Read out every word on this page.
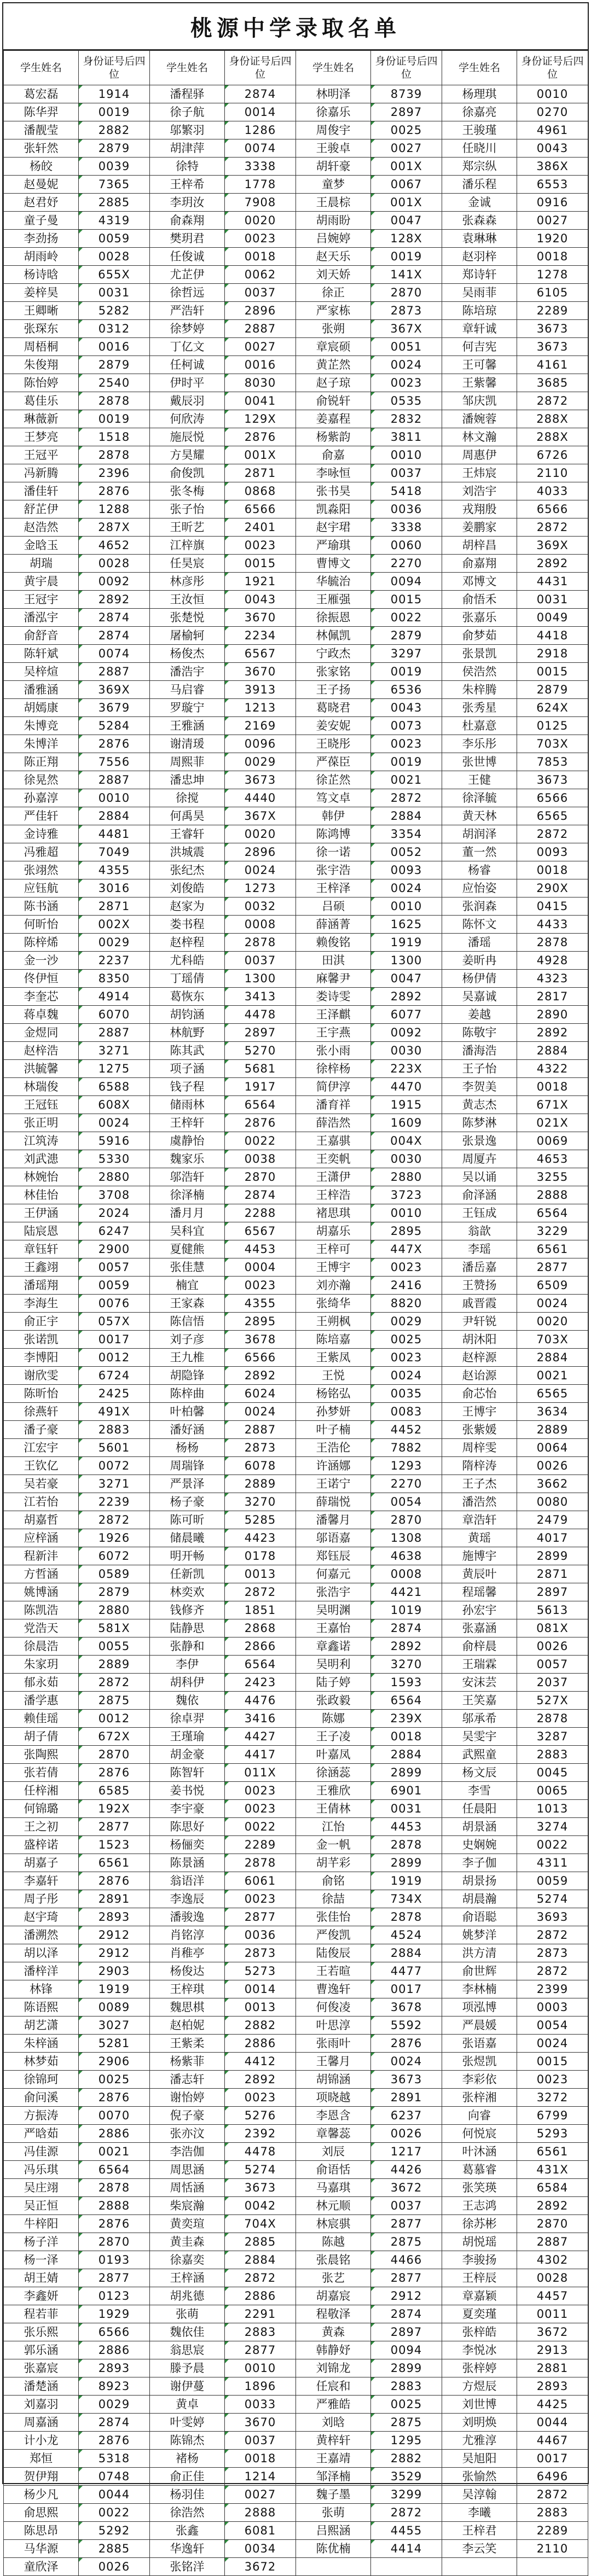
桃源中学录取名单
学生姓名	身份证号后四位	学生姓名	身份证号后四位	学生姓名	身份证号后四位	学生姓名	身份证号后四位
葛宏磊	1914	潘程驿	2874	林明泽	8739	杨理琪	0010
陈华羿	0019	徐子航	0014	徐嘉乐	2897	徐嘉亮	0270
潘靓莹	2882	邬繁羽	1286	周俊宇	0025	王骏瑾	4961
张轩然	2879	胡津萍	0074	王骏卓	0027	任晓川	0043
杨皎	0039	徐特	3338	胡轩豪	001X	郑宗纵	386X
赵曼妮	7365	王梓希	1778	童梦	0067	潘乐程	6553
赵君妤	2885	李玥汝	7908	王晨棕	001X	金诚	0916
童子曼	4319	俞森翔	0020	胡雨盼	0047	张森森	0027
李劲扬	0059	樊玥君	0023	吕婉婷	128X	袁琳琳	1920
胡雨岭	0028	任俊诚	0018	赵天乐	0019	赵羽梓	0018
杨诗晗	655X	尤芷伊	0062	刘天娇	141X	郑诗轩	1278
姜梓昊	0031	徐哲远	0037	徐正	2870	吴雨菲	6105
王卿晰	5282	严浩轩	2896	严家栋	2873	陈培琼	2289
张琛东	0312	徐梦婷	2887	张朔	367X	章轩诚	3673
周梧桐	0016	丁亿文	0027	章宸硕	0051	何吉宪	3673
朱俊翔	2879	任柯诚	0016	黄芷然	0024	王可馨	4161
陈怡婷	2540	伊时平	8030	赵子琼	0023	王紫馨	3685
葛佳乐	2878	戴辰羽	0041	俞锐轩	0535	邹庆凯	2872
琳薇新	0019	何欣涛	129X	姜嘉程	2832	潘婉蓉	288X
王梦亮	1518	施辰悦	2876	杨紫韵	3811	林文瀚	288X
王冠平	2878	方昊耀	001X	俞嘉	0010	周惠伊	6726
冯新腾	2396	俞俊凯	2871	李咏恒	0037	王炜宸	2110
潘佳轩	2876	张冬梅	0868	张书昊	5418	刘浩宇	4033
舒芷伊	1288	张子怡	6566	凯淼阳	0036	戎翔殷	6566
赵浩然	287X	王昕艺	2401	赵宇珺	3338	姜鹏家	2872
金晗玉	4652	江梓旗	0023	严瑜琪	0060	胡梓昌	369X
胡瑞	0028	任昊宸	0015	曹博文	2270	俞嘉翔	2892
黄宇晨	0092	林彦彤	1921	华毓治	0094	邓博文	4431
王冠宇	2892	王汝恒	0043	王雁强	0015	俞悟禾	0031
潘泓宇	2874	张楚悦	3670	徐振恩	0022	张嘉乐	0049
俞舒音	2874	屠榆轲	2234	林佩凯	2879	俞梦茹	4418
陈轩斌	0074	杨俊杰	6567	宁政杰	3297	张景凯	2918
吴梓煊	2887	潘浩宇	3670	张家铭	0019	侯浩然	0015
潘雅涵	369X	马启睿	3913	王子扬	6536	朱梓腾	2879
胡嫣康	3679	罗璇宁	1213	葛晓君	0043	张秀星	624X
朱博竞	5284	王雅涵	2169	姜安妮	0073	杜嘉意	0125
朱博洋	2876	谢清瑗	0096	王晓彤	0023	李乐彤	703X
陈正翔	7556	周熙菲	0029	严葆臣	0019	张世博	7853
徐晃然	2887	潘忠坤	3673	徐芷然	0021	王健	3673
孙嘉淳	0010	徐搅	4440	笃文卓	2872	徐泽毓	6566
严佳轩	2884	何禹昊	367X	韩伊	2884	黄天林	6565
金诗雅	4481	王睿轩	0020	陈鸿博	3354	胡润泽	2872
冯雅超	7049	洪城震	2896	徐一诺	0052	董一然	0093
张翊然	4355	张纪杰	0024	张宇浩	0093	杨睿	0018
应钰航	3016	刘俊皓	1273	王梓泽	0024	应怡姿	290X
陈书涵	2871	赵家为	0032	吕硕	0010	张润森	0415
何昕怡	002X	娄书程	0008	薛涵菁	1625	陈怀文	4433
陈梓烯	0029	赵梓程	2878	赖俊铭	1919	潘瑶	2878
金一沙	2237	尤科皓	0037	田淇	1300	姜昕冉	4928
佟伊恒	8350	丁瑶倩	1300	麻馨尹	0047	杨伊倩	4323
李奎芯	4914	葛恢东	3413	娄诗雯	2892	吴嘉诚	2817
蒋卓魏	6070	胡钧涵	4478	王泽麒	6077	姜越	2890
金煜同	2887	林航野	2897	王宇燕	0092	陈敬宇	2892
赵梓浩	3271	陈其武	5270	张小雨	0030	潘海浩	2884
洪毓馨	1275	项子涵	5681	徐梓杨	223X	王子怡	4322
林瑞俊	6588	钱子程	1917	简伊淳	4470	李贺美	0018
王冠钰	608X	储雨林	6564	潘育祥	1915	黄志杰	671X
张正明	0024	王梓轩	2876	薛浩然	1609	陈梦淋	021X
江筑涛	5916	虞静怡	0022	王嘉骐	004X	张景逸	0069
刘武漶	5330	魏家乐	0038	王奕帆	0030	周厦卉	4653
林婉怡	2880	邬浩轩	2870	王潇伊	2880	吴以诵	3255
林佳怡	3708	徐泽楠	2874	王梓浩	3723	俞泽涵	2888
王伊涵	2024	潘月月	2288	褚思琪	0010	王钰成	6564
陆宸恩	6247	吴科宜	6567	胡嘉乐	2895	翁歆	3229
章钰轩	2900	夏健熊	4453	王梓可	447X	李瑶	6561
王鑫翊	0057	张佳慧	0004	王博宇	0023	潘岳嘉	2877
潘瑶翔	0059	楠宜	0023	刘亦瀚	2416	王赞扬	6509
李海生	0076	王家森	4355	张绮华	8820	戚晋霞	0024
俞正宇	057X	陈信悟	2895	王朔枫	0029	尹轩锐	0020
张诺凯	0017	刘子彦	3678	陈培嘉	0025	胡沐阳	703X
李博阳	0012	王九椎	6566	王紫凤	0023	赵梓源	2884
谢欣雯	6724	胡隐锋	2892	王悦	0024	赵诒源	0021
陈昕怡	2425	陈梓曲	6024	杨铭弘	0035	俞芯怡	6565
徐燕轩	491X	叶柏馨	0024	孙梦妍	0083	王博宇	3634
潘子豪	2883	潘好涵	2887	叶子楠	4452	张紫媛	2889
江宏宇	5601	杨杨	2873	王浩伦	7882	周梓雯	0064
王钦亿	0072	周瑞锋	6078	许涵娜	1293	隋梓涛	0026
吴若豪	3271	严景泽	2889	王诺宁	2270	王子杰	3662
江若怡	2239	杨子豪	3270	薛瑞悦	0054	潘浩然	0080
胡嘉哲	2872	陈可昕	5285	潘馨月	2870	章浩轩	2479
应梓涵	1926	储晨曦	4423	邬语嘉	1308	黄瑶	4017
程新沣	6072	明开畅	0178	郑钰辰	4638	施博宇	2899
方哲涵	0589	任新凯	0013	何嘉元	0008	黄辰叶	2871
姚博涵	2879	林奕欢	2872	张浩宇	4421	程瑶馨	2897
陈凯浩	2880	钱修齐	1851	吴明渊	1019	孙宏宇	5613
党浩天	581X	陆静思	2868	王嘉怡	2874	张嘉涵	081X
徐晨浩	0055	张静和	2866	章鑫诺	2892	俞梓晨	0026
朱家玥	2889	李伊	6564	吴明利	3270	王瑞霖	0057
郁永茹	2872	胡科伊	2423	陆子婷	1593	安沫芸	2037
潘学惠	2875	魏依	4476	张政毅	6564	王笑嘉	527X
赖佳瑶	0012	徐卓羿	3416	陈娜	239X	邬承希	2878
胡子倩	672X	王瑾瑜	4427	王子凌	0018	吴雯宇	3287
张陶熙	2870	胡金豪	4417	叶嘉凤	2884	武熙童	2883
张若倩	2876	陈智轩	011X	徐涵蕊	2899	杨文辰	0045
任梓湘	6585	姜书悦	0023	王雅欣	6901	李雪	0065
何锦璐	192X	李宇豪	0023	王倩林	0031	任晨阳	1013
王之初	2877	陈思好	0022	江怡	4453	胡景涵	3274
盛梓诺	1523	杨俪奕	2289	金一帆	2878	史娴婉	0022
胡嘉子	6561	陈景涵	2878	胡芊彩	2899	李子伽	4311
李嘉轩	2876	翁语洋	6061	俞铭	1919	胡景扬	0059
周子彤	2891	李逸辰	0023	徐喆	734X	胡晨瀚	5274
赵宇琦	2893	潘骏逸	2877	张佳怡	2878	俞语聪	3693
潘溯然	2912	肖铭淳	0036	严俊凯	4524	姚梦洋	2872
胡以泽	2912	肖稚亭	2873	陆俊辰	2884	洪方清	2873
潘梓洋	2903	杨俊达	5273	王若暄	4477	俞世辉	2872
林锋	1919	王梓琪	0014	曹逸轩	0017	李林楠	2399
陈语熙	0089	魏思棋	0013	何俊凌	3678	项泓博	0003
胡艺潇	3027	赵柏妮	2882	叶思淳	5592	严晨媛	0054
朱梓涵	5281	王紫柔	2886	张雨叶	2876	张语嘉	0024
林梦茹	2906	杨紫菲	4412	王馨月	0024	张煜凯	0015
徐锦珂	0025	潘志轩	2892	胡锦涵	3673	李彩依	0023
俞问溪	2876	谢怡婷	0023	项晓越	2891	张梓湘	3272
方振涛	0070	倪子豪	5276	李恩含	6237	向睿	6799
严晗茹	2886	张亦汶	2392	章馨蕊	0026	何悦宸	5293
冯佳源	0021	李浩伽	4478	刘辰	1217	叶沐涵	6561
冯乐琪	6564	周思涵	5274	俞语恬	4426	葛慕睿	431X
吴庄翊	2878	周恬涵	3673	马嘉琪	3672	张笑瑛	6584
吴正恒	2888	柴宸瀚	0042	林元顺	0037	王志鸿	2892
牛梓阳	2876	黄奕瑄	704X	林宸骐	2877	徐苏彬	2870
杨子洋	2870	黄圭森	2885	陈越	2875	胡悦瑶	2887
杨一泽	0193	徐嘉奕	2884	张晨铭	4466	李骏扬	4302
胡王婧	2877	王梓涵	2872	张艺	2877	王梓辰	0028
李鑫妍	0123	胡兆德	2886	胡嘉宸	2912	章嘉颖	4457
程若菲	1929	张萌	2291	程敬泽	2874	夏奕瑾	0011
张乐熙	6566	魏依佳	2883	黄森	2897	张梓皓	3672
郭乐涵	2886	翁思宸	2877	韩静妤	0094	李悦冰	2913
张嘉宸	2893	滕予晨	0010	刘锦龙	2899	张梓婷	2881
潘楚涵	8923	谢伊蔓	1896	任宸和	2883	方煜辰	2893
刘嘉羽	0029	黄卓	0033	严雅皓	0025	刘世博	4425
周嘉涵	2874	叶雯婷	3670	刘晗	2875	刘明焕	0044
计小龙	2876	陈锦杰	0037	黄梓轩	1295	尤雅淳	4467
郑恒	5318	褚杨	0018	王嘉靖	2882	吴旭阳	0017
贺伊翔	0748	俞正佳	1214	邹泽楠	3529	张愉然	6496
杨少凡	0044	杨羽佳	0027	魏子墨	3299	吴淳翰	2872
俞思熙	0022	徐浩然	2888	张萌	2872	李曦	2883
陈思昂	5292	张鑫	6081	吕熙涵	4455	王梓君	2289
马华源	2885	华逸轩	0034	陈优楠	4414	李云笑	2110
童欣泽	0026	张铭洋	3672				
